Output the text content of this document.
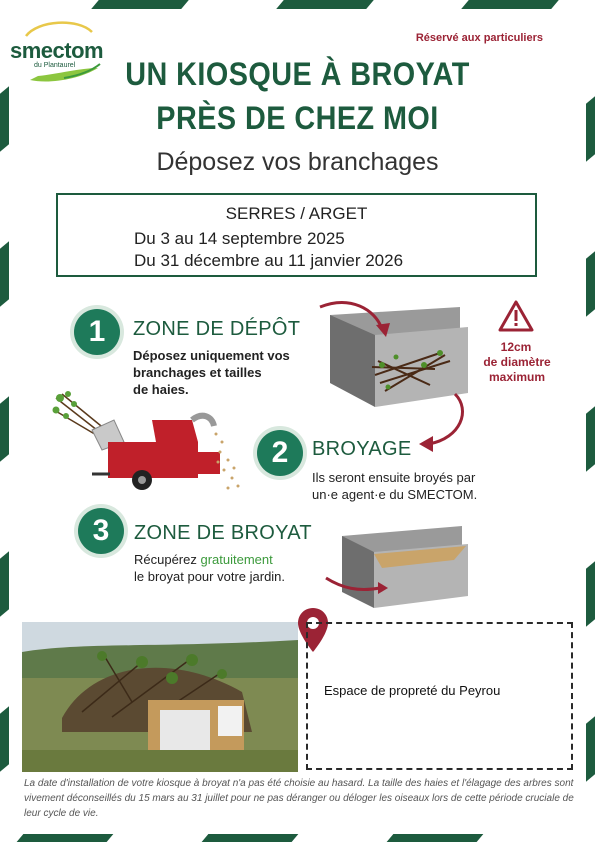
smectom
du Plantaurel
Réservé aux particuliers
UN KIOSQUE À BROYAT
PRÈS DE CHEZ MOI
Déposez vos branchages
SERRES / ARGET
Du 3 au 14 septembre 2025
Du 31 décembre au 11 janvier 2026
1	ZONE DE DÉPÔT
Déposez uniquement vos
branchages et tailles
de haies.
12cm
de diamètre maximum
2	BROYAGE
Ils seront ensuite broyés par
un·e agent·e du SMECTOM.
3	ZONE DE BROYAT
Récupérez gratuitement
le broyat pour votre jardin.
Espace de propreté du Peyrou
La date d'installation de votre kiosque à broyat n'a pas été choisie au hasard. La taille des haies et l'élagage des arbres sont vivement déconseillés du 15 mars au 31 juillet pour ne pas déranger ou déloger les oiseaux lors de cette période cruciale de leur cycle de vie.
